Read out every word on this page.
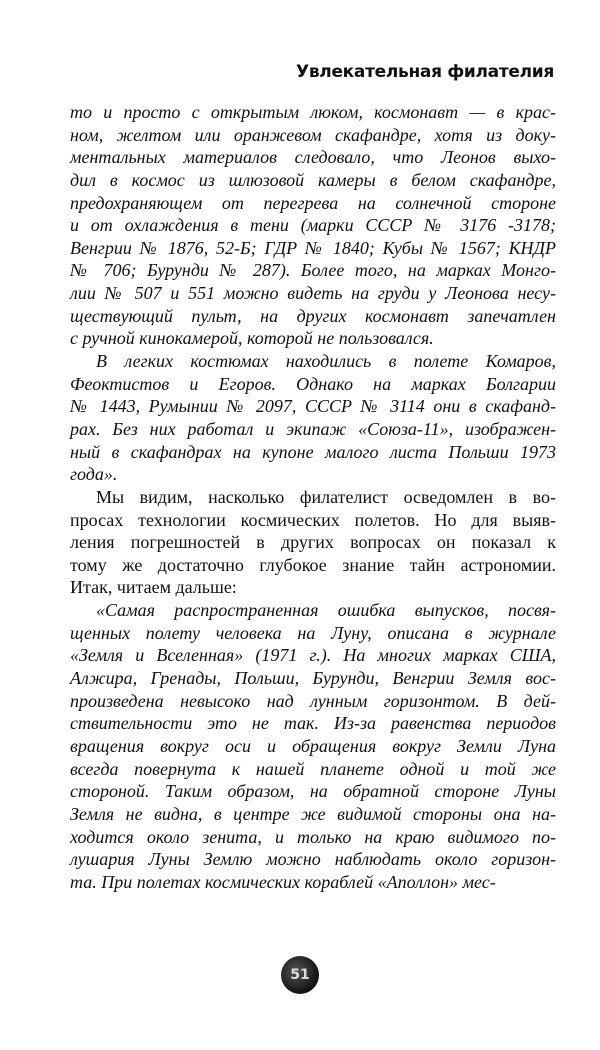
Увлекательная филателия
то и просто с открытым люком, космонавт — в крас-
ном, желтом или оранжевом скафандре, хотя из доку-
ментальных материалов следовало, что Леонов выхо-
дил в космос из шлюзовой камеры в белом скафандре,
предохраняющем от перегрева на солнечной стороне
и от охлаждения в тени (марки СССР № 3176 -3178;
Венгрии № 1876, 52-Б; ГДР № 1840; Кубы № 1567; КНДР
№ 706; Бурунди № 287). Более того, на марках Монго-
лии № 507 и 551 можно видеть на груди у Леонова несу-
ществующий пульт, на других космонавт запечатлен
с ручной кинокамерой, которой не пользовался.
В легких костюмах находились в полете Комаров,
Феоктистов и Егоров. Однако на марках Болгарии
№ 1443, Румынии № 2097, СССР № 3114 они в скафанд-
рах. Без них работал и экипаж «Союза-11», изображен-
ный в скафандрах на купоне малого листа Польши 1973
года».
Мы видим, насколько филателист осведомлен в во-
просах технологии космических полетов. Но для выяв-
ления погрешностей в других вопросах он показал к
тому же достаточно глубокое знание тайн астрономии.
Итак, читаем дальше:
«Самая распространенная ошибка выпусков, посвя-
щенных полету человека на Луну, описана в журнале
«Земля и Вселенная» (1971 г.). На многих марках США,
Алжира, Гренады, Польши, Бурунди, Венгрии Земля вос-
произведена невысоко над лунным горизонтом. В дей-
ствительности это не так. Из-за равенства периодов
вращения вокруг оси и обращения вокруг Земли Луна
всегда повернута к нашей планете одной и той же
стороной. Таким образом, на обратной стороне Луны
Земля не видна, в центре же видимой стороны она на-
ходится около зенита, и только на краю видимого по-
лушария Луны Землю можно наблюдать около горизон-
та. При полетах космических кораблей «Аполлон» мес-
51
